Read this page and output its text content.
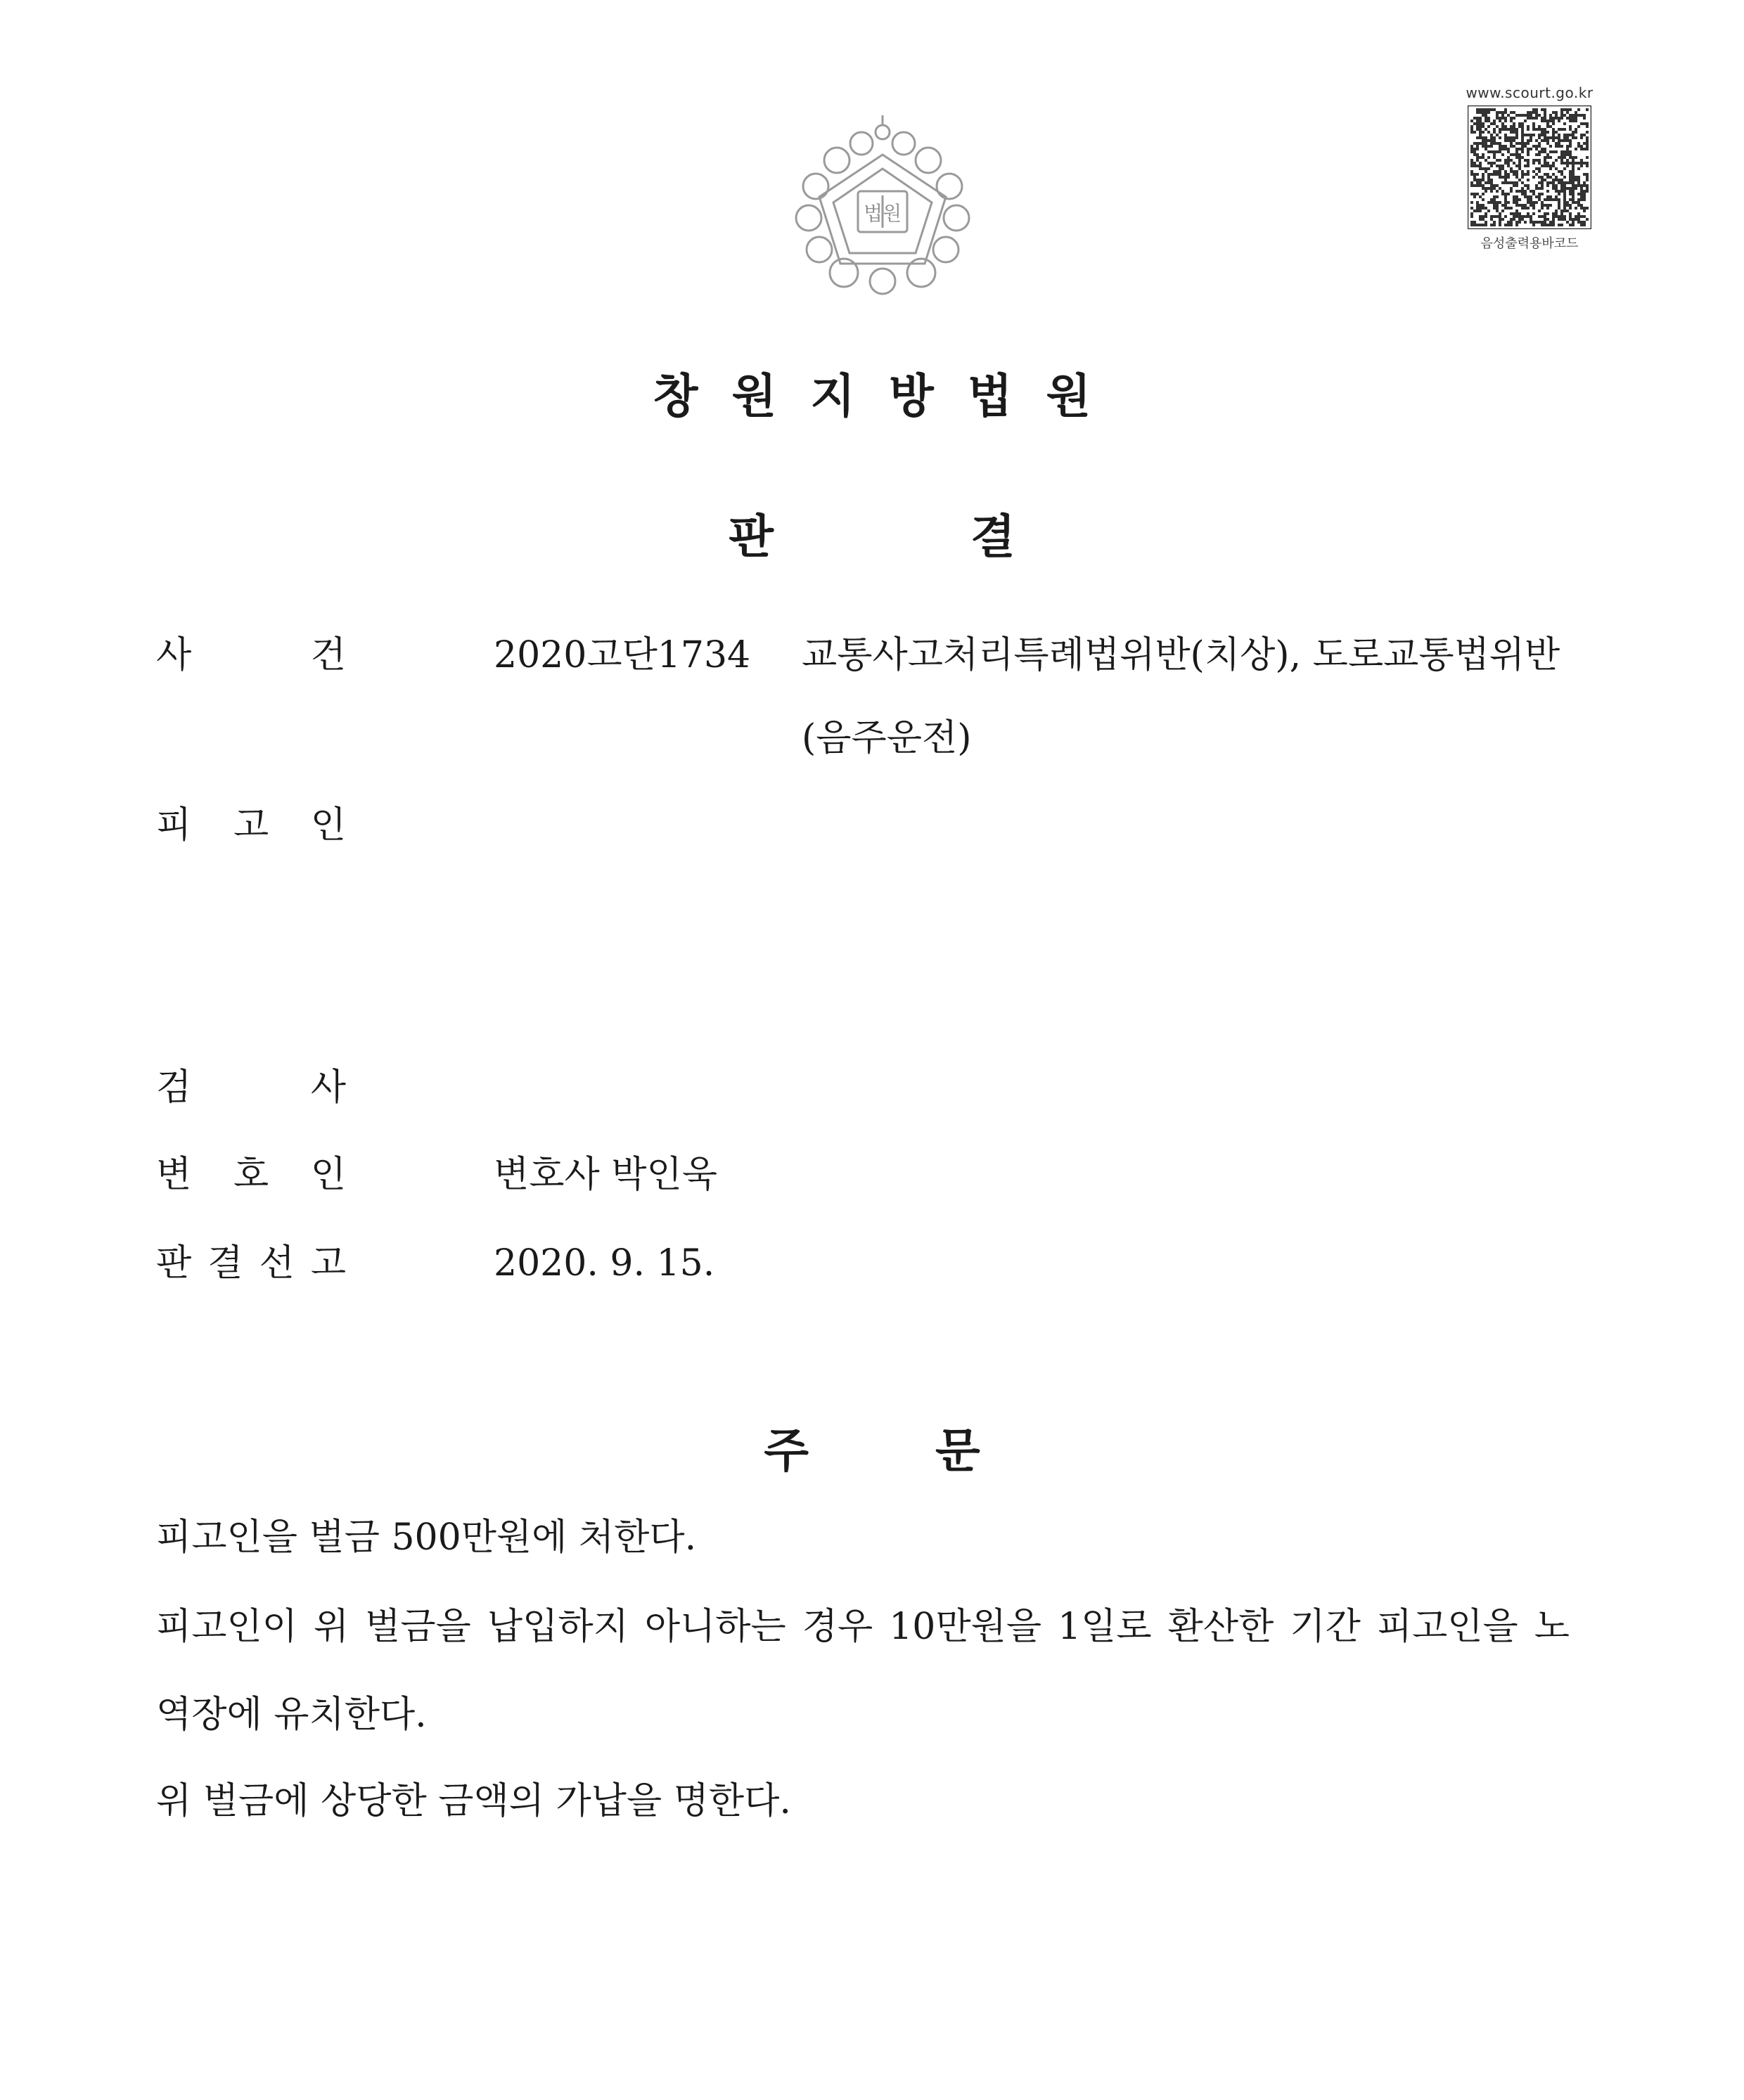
법원
www.scourt.go.kr
음성출력용바코드
창원지방법원
판	결
사	건	2020고단1734 교통사고처리특례법위반(치상), 도로교통법위반
(음주운전)
피 고 인
검	사
변 호 인	변호사 박인욱
판 결 선 고	2020. 9. 15.
주	문
피고인을 벌금 500만원에 처한다.
피고인이 위 벌금을 납입하지 아니하는 경우 10만원을 1일로 환산한 기간 피고인을 노
역장에 유치한다.
위 벌금에 상당한 금액의 가납을 명한다.
